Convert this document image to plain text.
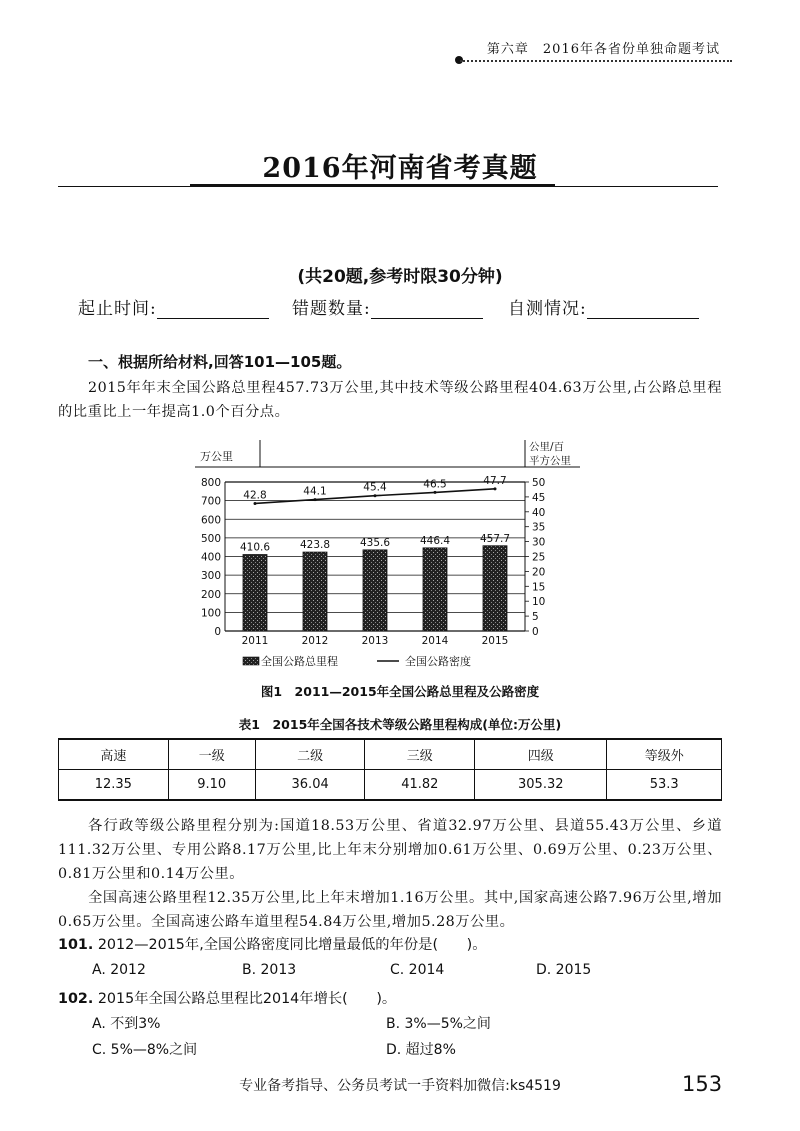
第六章　2016年各省份单独命题考试
2016年河南省考真题
(共20题,参考时限30分钟)
起止时间:	错题数量:	自测情况:
一、根据所给材料,回答101—105题。
2015年年末全国公路总里程457.73万公里,其中技术等级公路里程404.63万公里,占公路总里程的比重比上一年提高1.0个百分点。
万公里
公里/百
平方公里
0
100
200
300
400
500
600
700
800
0
5
10
15
20
25
30
35
40
45
50
410.6	423.8	435.6	446.4	457.7
42.8	44.1	45.4	46.5	47.7
2011	2012	2013	2014	2015
全国公路总里程	全国公路密度
图1　2011—2015年全国公路总里程及公路密度
表1　2015年全国各技术等级公路里程构成(单位:万公里)
高速	一级	二级	三级	四级	等级外
12.35	9.10	36.04	41.82	305.32	53.3
各行政等级公路里程分别为:国道18.53万公里、省道32.97万公里、县道55.43万公里、乡道111.32万公里、专用公路8.17万公里,比上年末分别增加0.61万公里、0.69万公里、0.23万公里、0.81万公里和0.14万公里。
全国高速公路里程12.35万公里,比上年末增加1.16万公里。其中,国家高速公路7.96万公里,增加0.65万公里。全国高速公路车道里程54.84万公里,增加5.28万公里。
101. 2012—2015年,全国公路密度同比增量最低的年份是(　　)。
A. 2012	B. 2013	C. 2014	D. 2015
102. 2015年全国公路总里程比2014年增长(　　)。
A. 不到3%	B. 3%—5%之间
C. 5%—8%之间	D. 超过8%
专业备考指导、公务员考试一手资料加微信:ks4519	153
